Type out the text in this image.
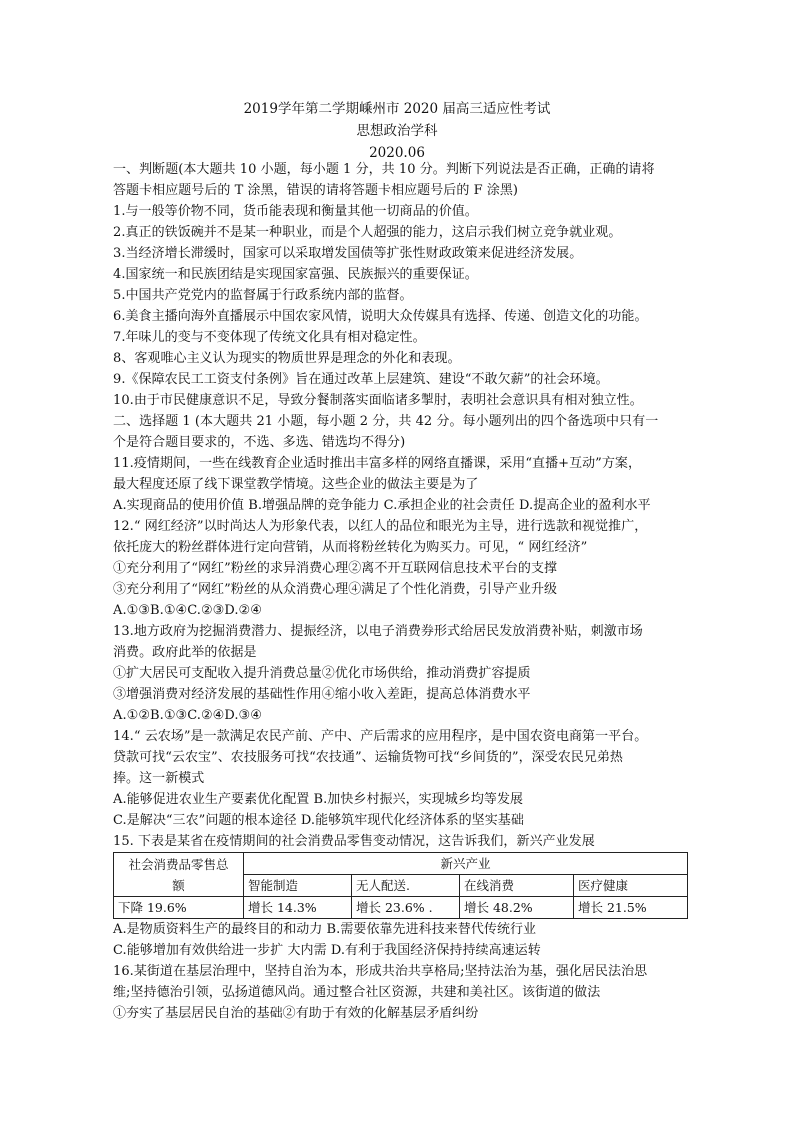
2019学年第二学期嵊州市 2020 届高三适应性考试
思想政治学科
2020.06
一、判断题(本大题共 10 小题，每小题 1 分，共 10 分。判断下列说法是否正确，正确的请将
答题卡相应题号后的 T 涂黑，错误的请将答题卡相应题号后的 F 涂黑)
1.与一般等价物不同，货币能表现和衡量其他一切商品的价值。
2.真正的铁饭碗并不是某一种职业，而是个人超强的能力，这启示我们树立竞争就业观。
3.当经济增长滞缓时，国家可以采取增发国债等扩张性财政政策来促进经济发展。
4.国家统一和民族团结是实现国家富强、民族振兴的重要保证。
5.中国共产党党内的监督属于行政系统内部的监督。
6.美食主播向海外直播展示中国农家风情，说明大众传媒具有选择、传递、创造文化的功能。
7.年味儿的变与不变体现了传统文化具有相对稳定性。
8、客观唯心主义认为现实的物质世界是理念的外化和表现。
9.《保障农民工工资支付条例》旨在通过改革上层建筑、建设“不敢欠薪”的社会环境。
10.由于市民健康意识不足，导致分餐制落实面临诸多掣肘，表明社会意识具有相对独立性。
二、选择题 1 (本大题共 21 小题，每小题 2 分，共 42 分。每小题列出的四个备选项中只有一
个是符合题目要求的，不选、多选、错选均不得分)
11.疫情期间，一些在线教育企业适时推出丰富多样的网络直播课，采用“直播+互动”方案，
最大程度还原了线下课堂教学情境。这些企业的做法主要是为了
A.实现商品的使用价值 B.增强品牌的竞争能力 C.承担企业的社会责任 D.提高企业的盈利水平
12.“ 网红经济”以时尚达人为形象代表，以红人的品位和眼光为主导，进行选款和视觉推广，
依托庞大的粉丝群体进行定向营销，从而将粉丝转化为购买力。可见，“ 网红经济”
①充分利用了“网红”粉丝的求异消费心理②离不开互联网信息技术平台的支撑
③充分利用了“网红”粉丝的从众消费心理④满足了个性化消费，引导产业升级
A.①③B.①④C.②③D.②④
13.地方政府为挖掘消费潜力、提振经济，以电子消费券形式给居民发放消费补贴，刺激市场
消费。政府此举的依据是
①扩大居民可支配收入提升消费总量②优化市场供给，推动消费扩容提质
③增强消费对经济发展的基础性作用④缩小收入差距，提高总体消费水平
A.①②B.①③C.②④D.③④
14.“ 云农场”是一款满足农民产前、产中、产后需求的应用程序，是中国农资电商第一平台。
贷款可找“云农宝”、农技服务可找“农技通”、运输货物可找“乡间货的”，深受农民兄弟热
捧。这一新模式
A.能够促进农业生产要素优化配置 B.加快乡村振兴，实现城乡均等发展
C.是解决“三农”问题的根本途径 D.能够筑牢现代化经济体系的坚实基础
15. 下表是某省在疫情期间的社会消费品零售变动情况，这告诉我们，新兴产业发展
社会消费品零售总
额	新兴产业			
	智能制造	无人配送.	在线消费	医疗健康
下降 19.6%	增长 14.3%	增长 23.6% .	增长 48.2%	增长 21.5%
A.是物质资料生产的最终目的和动力 B.需要依靠先进科技来替代传统行业
C.能够增加有效供给进一步扩 大内需 D.有利于我国经济保持持续高速运转
16.某街道在基层治理中，坚持自治为本，形成共治共享格局;坚持法治为基，强化居民法治思
维;坚持德治引领，弘扬道德风尚。通过整合社区资源，共建和美社区。该街道的做法
①夯实了基层居民自治的基础②有助于有效的化解基层矛盾纠纷
